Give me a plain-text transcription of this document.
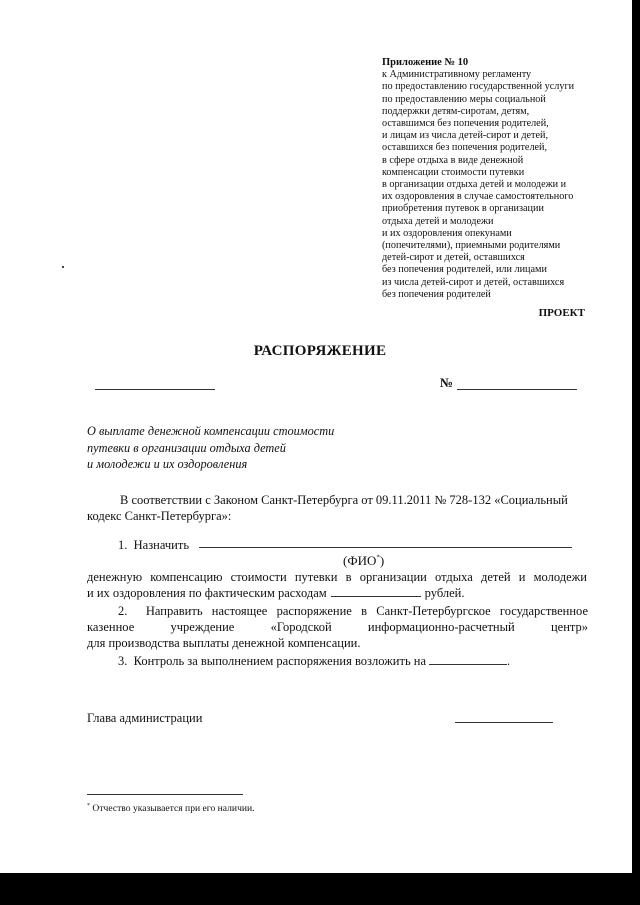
Приложение № 10
к Административному регламенту
по предоставлению государственной услуги
по предоставлению меры социальной
поддержки детям-сиротам, детям,
оставшимся без попечения родителей,
и лицам из числа детей-сирот и детей,
оставшихся без попечения родителей,
в сфере отдыха в виде денежной
компенсации стоимости путевки
в организации отдыха детей и молодежи и
их оздоровления в случае самостоятельного
приобретения путевок в организации
отдыха детей и молодежи
и их оздоровления опекунами
(попечителями), приемными родителями
детей-сирот и детей, оставшихся
без попечения родителей, или лицами
из числа детей-сирот и детей, оставшихся
без попечения родителей
ПРОЕКТ
РАСПОРЯЖЕНИЕ
№
О выплате денежной компенсации стоимости
путевки в организации отдыха детей
и молодежи и их оздоровления
В соответствии с Законом Санкт-Петербурга от 09.11.2011 № 728-132 «Социальный
кодекс Санкт-Петербурга»:
1.  Назначить
(ФИО*)
денежную компенсацию стоимости путевки в организации отдыха детей и молодежи
и их оздоровления по фактическим расходам	рублей.
2.  Направить настоящее распоряжение в Санкт-Петербургское государственное
казенное учреждение «Городской информационно-расчетный центр»
для производства выплаты денежной компенсации.
3.  Контроль за выполнением распоряжения возложить на	.
Глава администрации
* Отчество указывается при его наличии.
